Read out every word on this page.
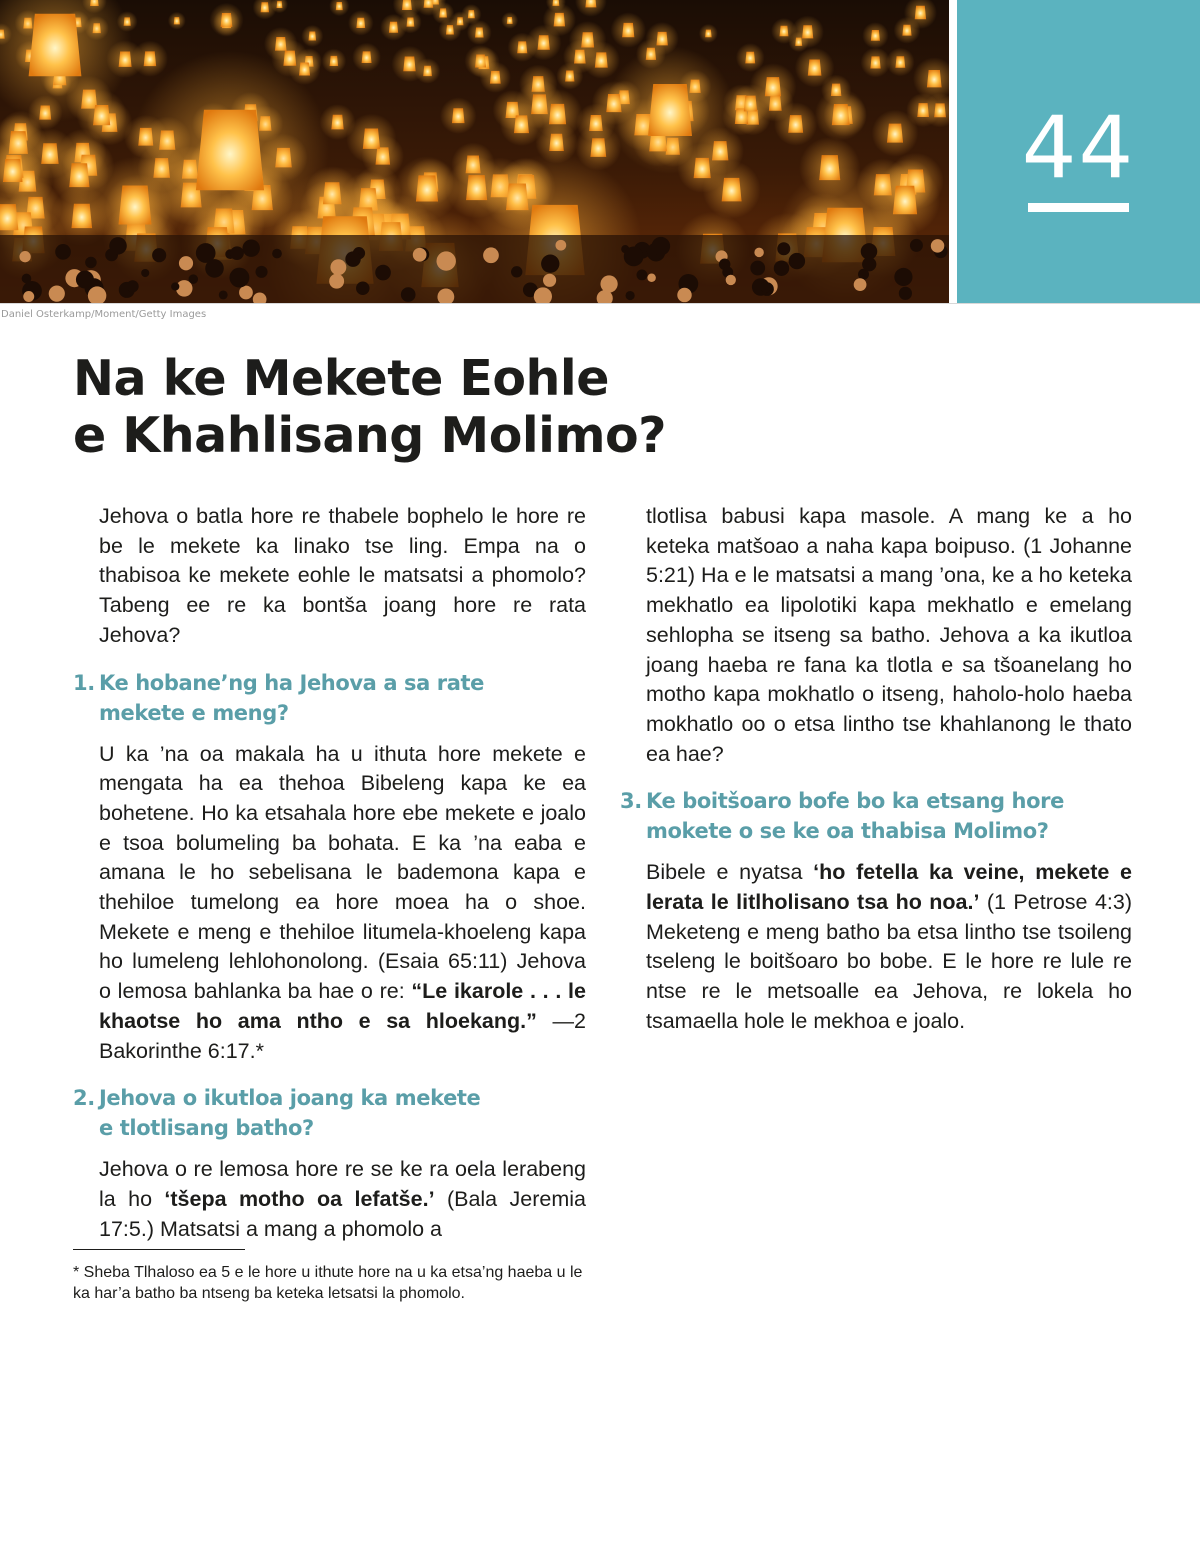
44
Daniel Osterkamp/Moment/Getty Images
Na ke Mekete Eohle
e Khahlisang Molimo?

Jehova o batla hore re thabele bophelo le hore re be le mekete ka linako tse ling. Empa na o thabisoa ke mekete eohle le matsatsi a phomolo? Tabeng ee re ka bontša joang hore re rata Jehova?

1. Ke hobane’ng ha Jehova a sa rate
mekete e meng?

U ka ’na oa makala ha u ithuta hore mekete e mengata ha ea thehoa Bibeleng kapa ke ea bohetene. Ho ka etsahala hore ebe mekete e joalo e tsoa bolumeling ba bohata. E ka ’na eaba e amana le ho sebelisana le bademona kapa e thehiloe tumelong ea hore moea ha o shoe. Mekete e meng e thehiloe litumela-khoeleng kapa ho lumeleng lehlohonolong. (Esaia 65:11) Jehova o lemosa bahlanka ba hae o re: “Le ikarole . . . le khaotse ho ama ntho e sa hloekang.” —2 Bakorinthe 6:17.*

2. Jehova o ikutloa joang ka mekete
e tlotlisang batho?

Jehova o re lemosa hore re se ke ra oela lerabeng la ho ‘tšepa motho oa lefatše.’ (Bala Jeremia 17:5.) Matsatsi a mang a phomolo a

* Sheba Tlhaloso ea 5 e le hore u ithute hore na u ka etsa’ng haeba u le ka har’a batho ba ntseng ba keteka letsatsi la phomolo.

tlotlisa babusi kapa masole. A mang ke a ho keteka matšoao a naha kapa boipuso. (1 Johanne 5:21) Ha e le matsatsi a mang ’ona, ke a ho keteka mekhatlo ea lipolotiki kapa mekhatlo e emelang sehlopha se itseng sa batho. Jehova a ka ikutloa joang haeba re fana ka tlotla e sa tšoanelang ho motho kapa mokhatlo o itseng, haholo-holo haeba mokhatlo oo o etsa lintho tse khahlanong le thato ea hae?

3. Ke boitšoaro bofe bo ka etsang hore
mokete o se ke oa thabisa Molimo?

Bibele e nyatsa ‘ho fetella ka veine, mekete e lerata le litlholisano tsa ho noa.’ (1 Petrose 4:3) Meketeng e meng batho ba etsa lintho tse tsoileng tseleng le boitšoaro bo bobe. E le hore re lule re ntse re le metsoalle ea Jehova, re lokela ho tsamaella hole le mekhoa e joalo.
